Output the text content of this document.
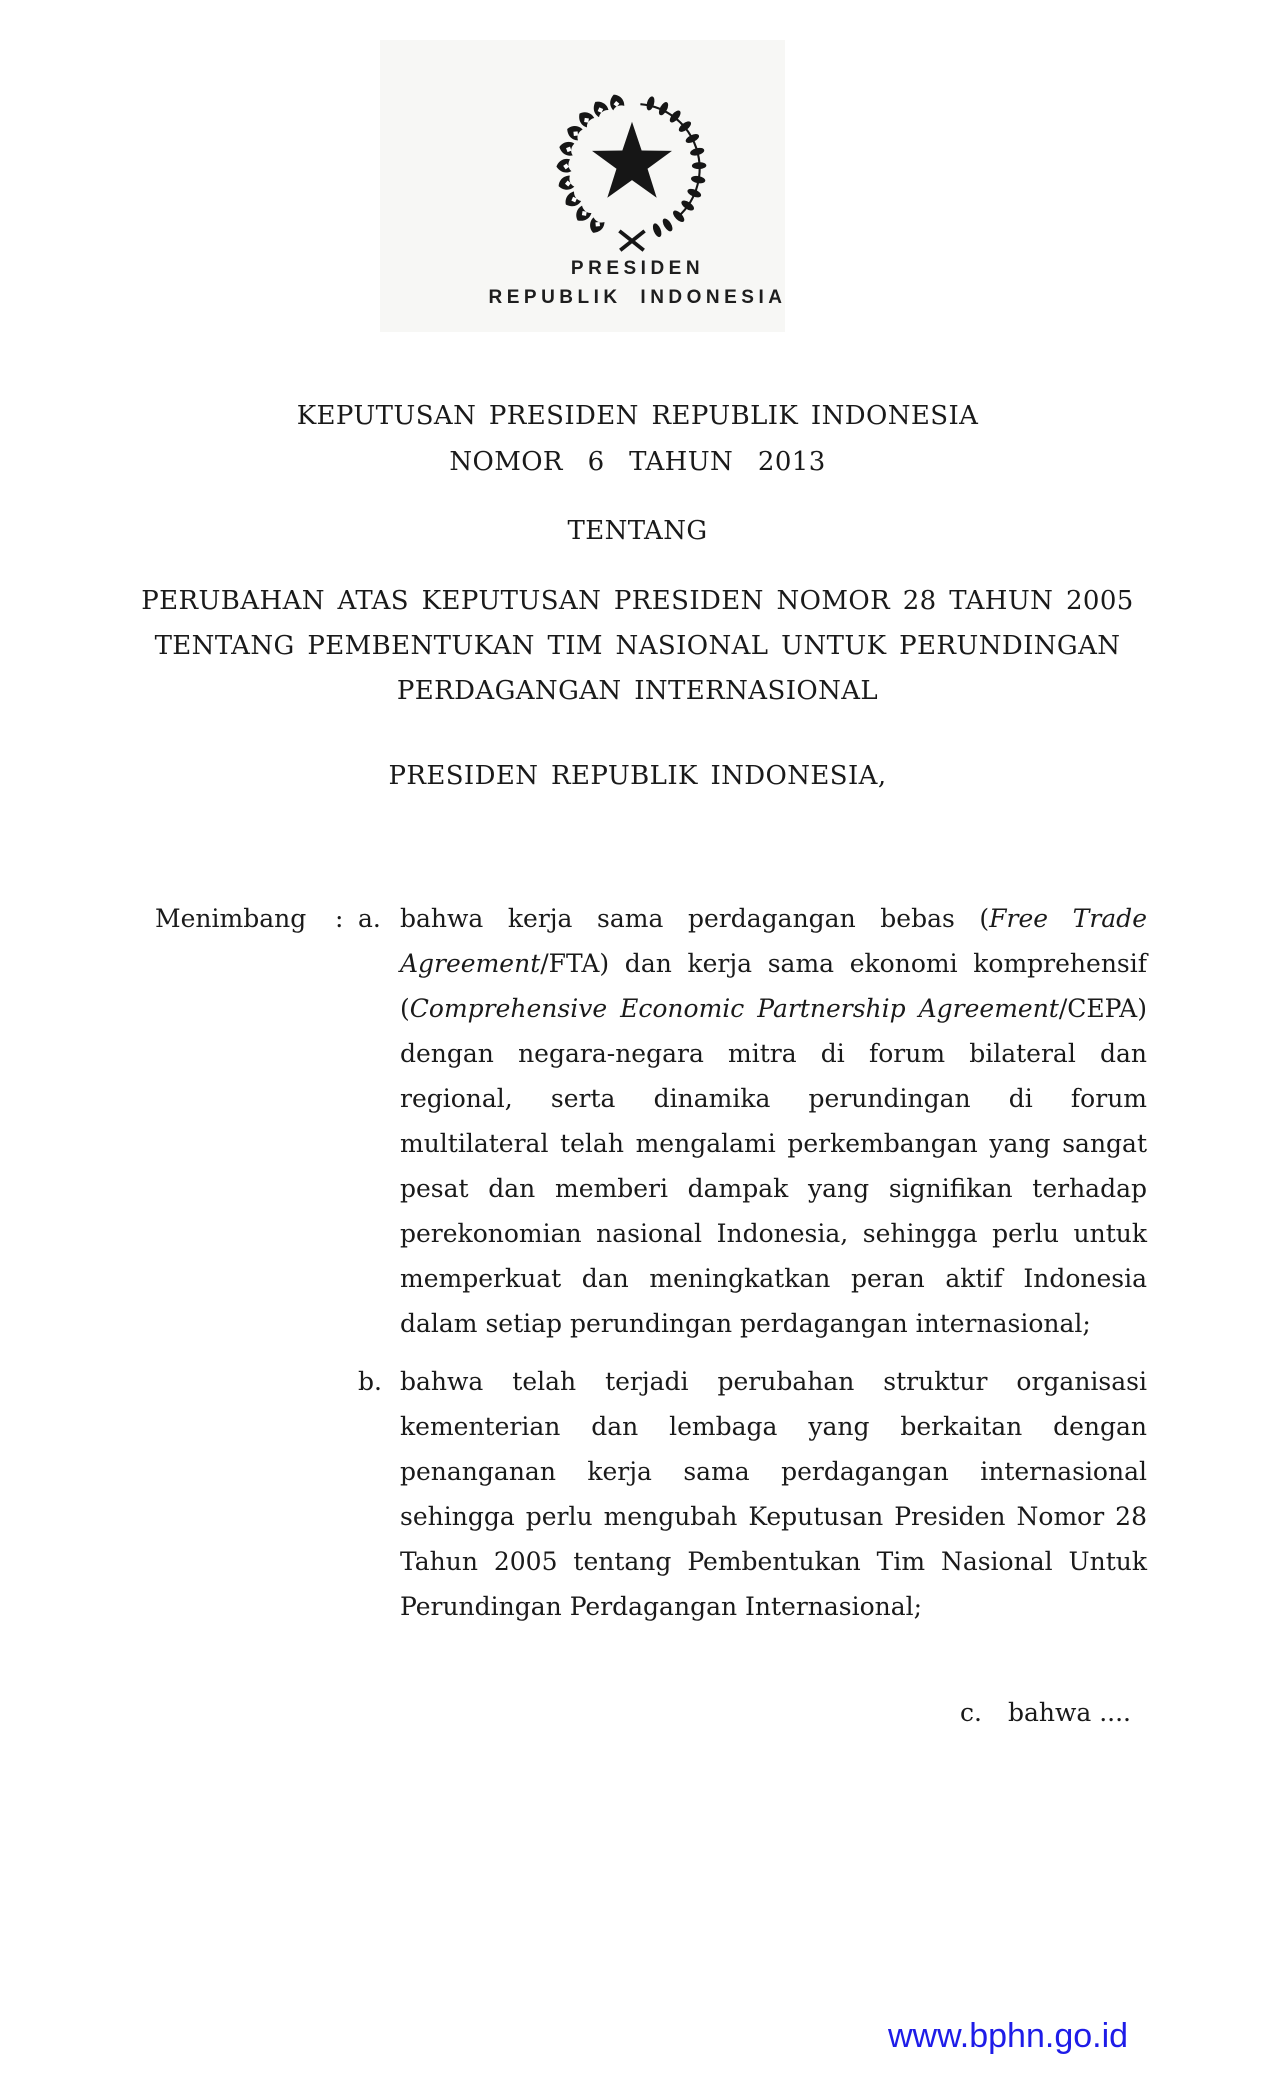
PRESIDEN
REPUBLIK INDONESIA
KEPUTUSAN PRESIDEN REPUBLIK INDONESIA
NOMOR 6 TAHUN 2013
TENTANG
PERUBAHAN ATAS KEPUTUSAN PRESIDEN NOMOR 28 TAHUN 2005
TENTANG PEMBENTUKAN TIM NASIONAL UNTUK PERUNDINGAN
PERDAGANGAN INTERNASIONAL
PRESIDEN REPUBLIK INDONESIA,
Menimbang	: a. bahwa kerja sama perdagangan bebas (Free Trade Agreement/FTA) dan kerja sama ekonomi komprehensif (Comprehensive Economic Partnership Agreement/CEPA) dengan negara-negara mitra di forum bilateral dan regional, serta dinamika perundingan di forum multilateral telah mengalami perkembangan yang sangat pesat dan memberi dampak yang signifikan terhadap perekonomian nasional Indonesia, sehingga perlu untuk memperkuat dan meningkatkan peran aktif Indonesia dalam setiap perundingan perdagangan internasional;

b. bahwa telah terjadi perubahan struktur organisasi kementerian dan lembaga yang berkaitan dengan penanganan kerja sama perdagangan internasional sehingga perlu mengubah Keputusan Presiden Nomor 28 Tahun 2005 tentang Pembentukan Tim Nasional Untuk Perundingan Perdagangan Internasional;

c. bahwa ....
www.bphn.go.id
